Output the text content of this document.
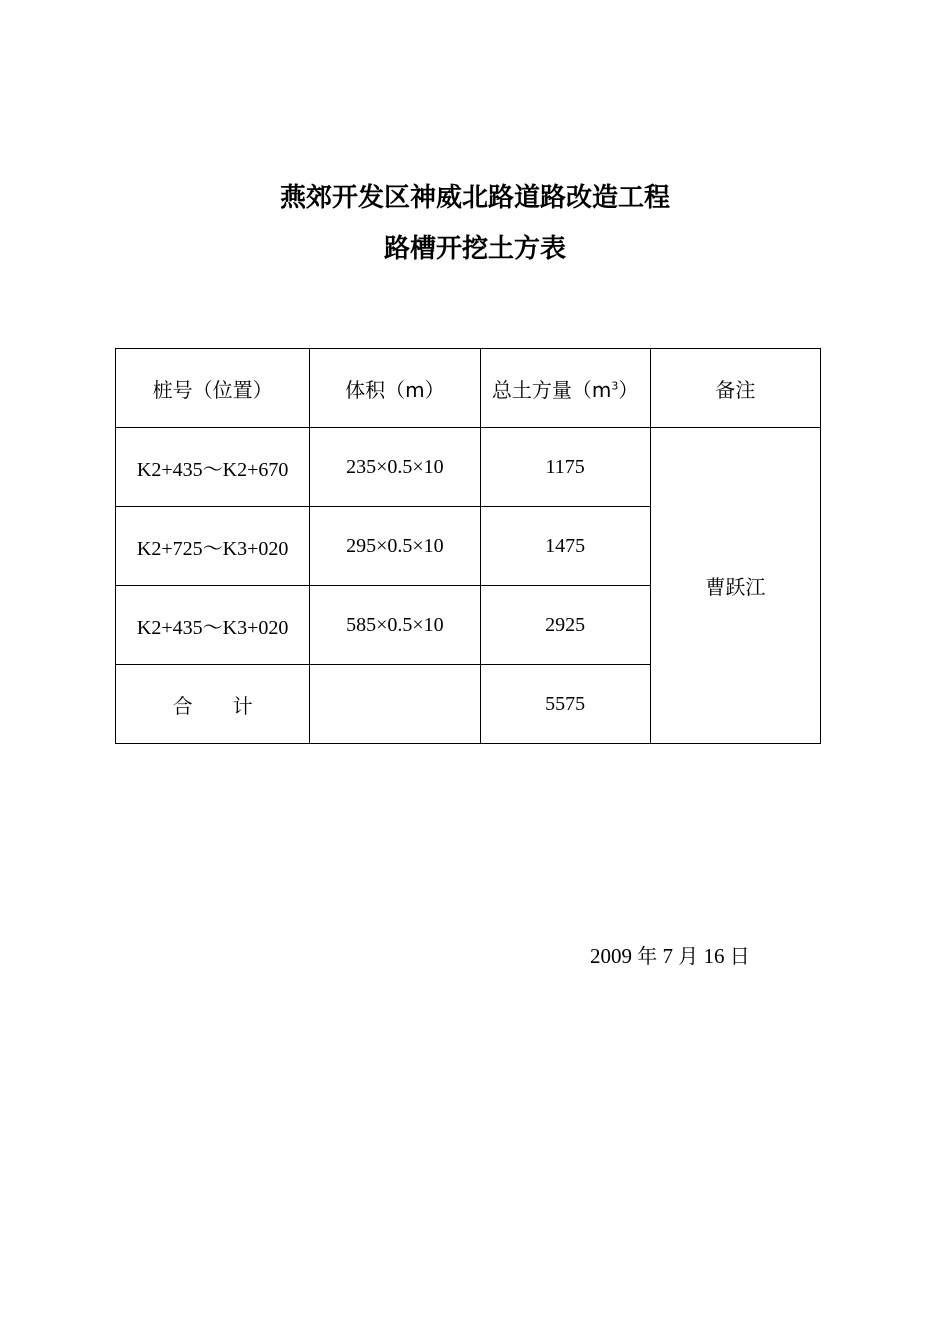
燕郊开发区神威北路道路改造工程
路槽开挖土方表
桩号（位置）	体积（m）	总土方量$(m^3)$	备注
K2+435～K2+670	235×0.5×10	1175	曹跃江
K2+725～K3+020	295×0.5×10	1475	
K2+435～K3+020	585×0.5×10	2925	
合　　计		5575	
2009 年 7 月 16 日
